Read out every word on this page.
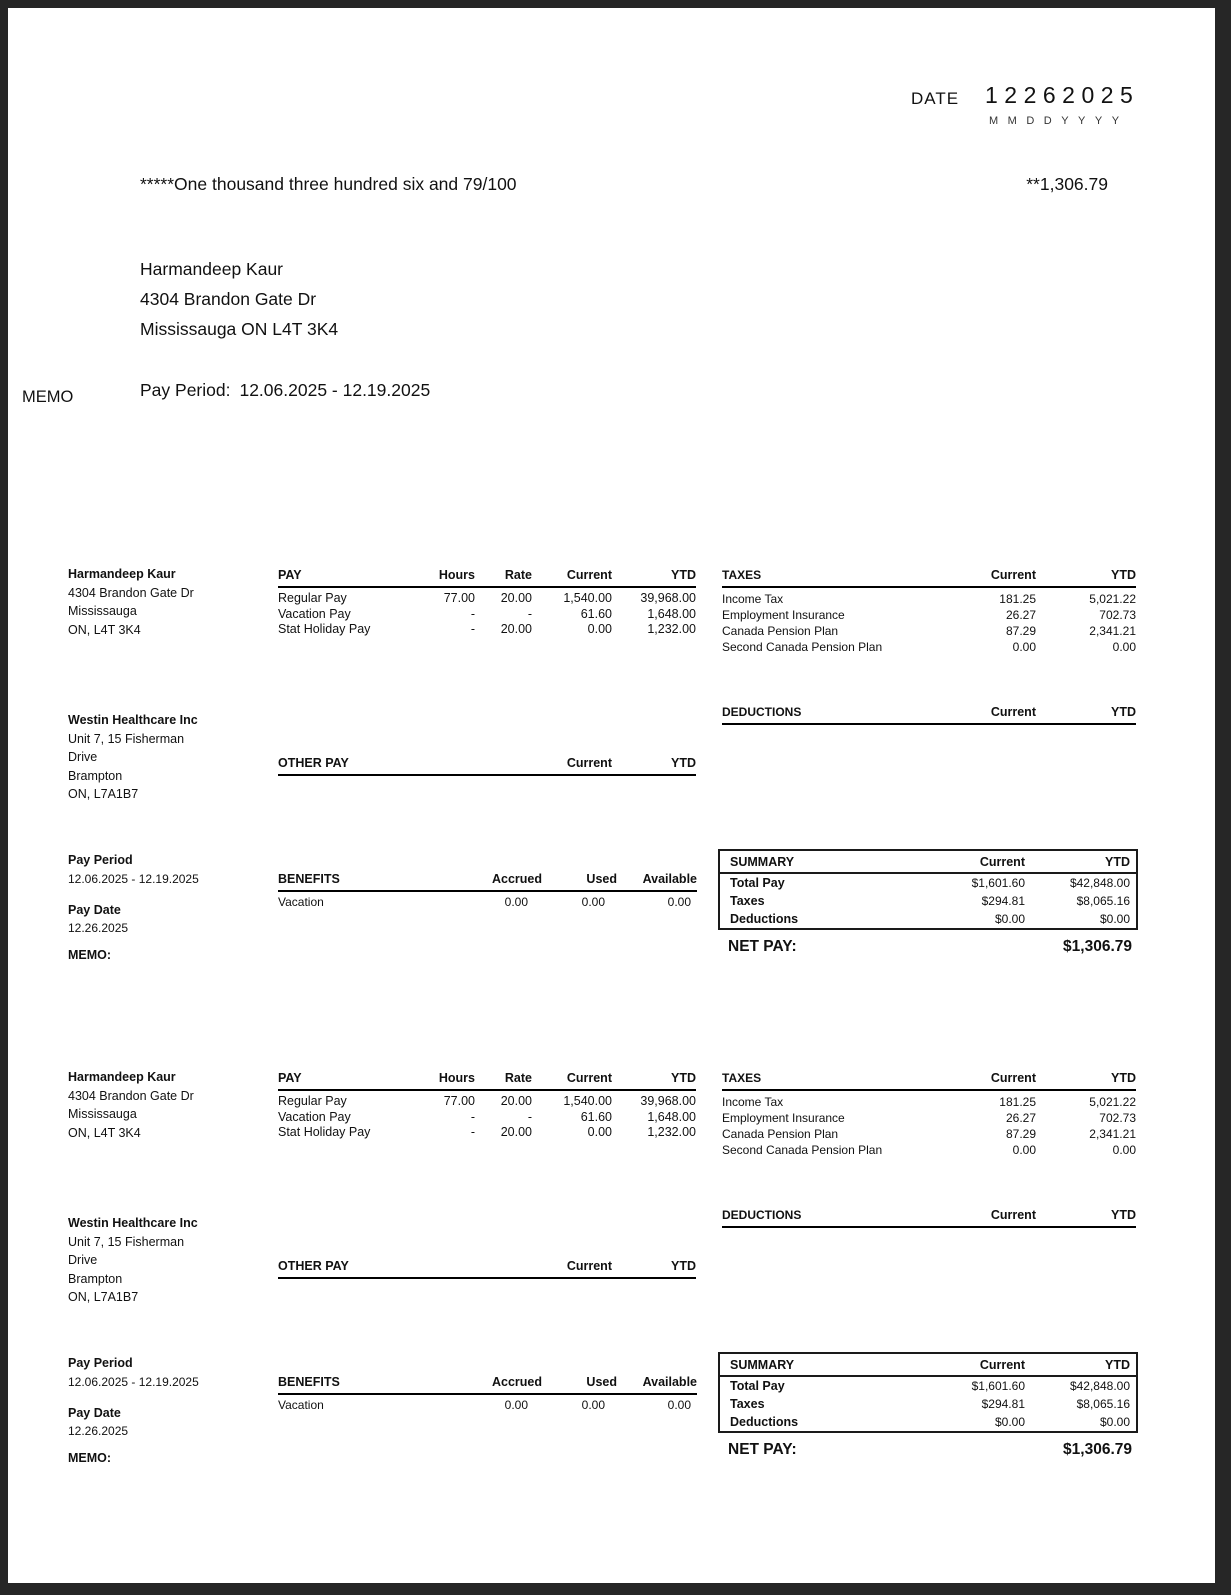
DATE 12262025
MMDDYYYY
*****One thousand three hundred six and 79/100	**1,306.79
Harmandeep Kaur
4304 Brandon Gate Dr
Mississauga ON L4T 3K4
MEMO	Pay Period: 12.06.2025 - 12.19.2025
Harmandeep Kaur
4304 Brandon Gate Dr
Mississauga
ON, L4T 3K4
Westin Healthcare Inc
Unit 7, 15 Fisherman
Drive
Brampton
ON, L7A1B7
PAY	Hours	Rate	Current	YTD
Regular Pay	77.00	20.00	1,540.00	39,968.00
Vacation Pay	-	-	61.60	1,648.00
Stat Holiday Pay	-	20.00	0.00	1,232.00
TAXES	Current	YTD
Income Tax	181.25	5,021.22
Employment Insurance	26.27	702.73
Canada Pension Plan	87.29	2,341.21
Second Canada Pension Plan	0.00	0.00
DEDUCTIONS	Current	YTD
OTHER PAY	Current	YTD
BENEFITS	Accrued	Used	Available
Vacation	0.00	0.00	0.00
Pay Period
12.06.2025 - 12.19.2025
Pay Date
12.26.2025
MEMO:
SUMMARY	Current	YTD
Total Pay	$1,601.60	$42,848.00
Taxes	$294.81	$8,065.16
Deductions	$0.00	$0.00
NET PAY:	$1,306.79
Harmandeep Kaur
4304 Brandon Gate Dr
Mississauga
ON, L4T 3K4
Westin Healthcare Inc
Unit 7, 15 Fisherman
Drive
Brampton
ON, L7A1B7
PAY	Hours	Rate	Current	YTD
Regular Pay	77.00	20.00	1,540.00	39,968.00
Vacation Pay	-	-	61.60	1,648.00
Stat Holiday Pay	-	20.00	0.00	1,232.00
TAXES	Current	YTD
Income Tax	181.25	5,021.22
Employment Insurance	26.27	702.73
Canada Pension Plan	87.29	2,341.21
Second Canada Pension Plan	0.00	0.00
DEDUCTIONS	Current	YTD
OTHER PAY	Current	YTD
BENEFITS	Accrued	Used	Available
Vacation	0.00	0.00	0.00
Pay Period
12.06.2025 - 12.19.2025
Pay Date
12.26.2025
MEMO:
SUMMARY	Current	YTD
Total Pay	$1,601.60	$42,848.00
Taxes	$294.81	$8,065.16
Deductions	$0.00	$0.00
NET PAY:	$1,306.79
